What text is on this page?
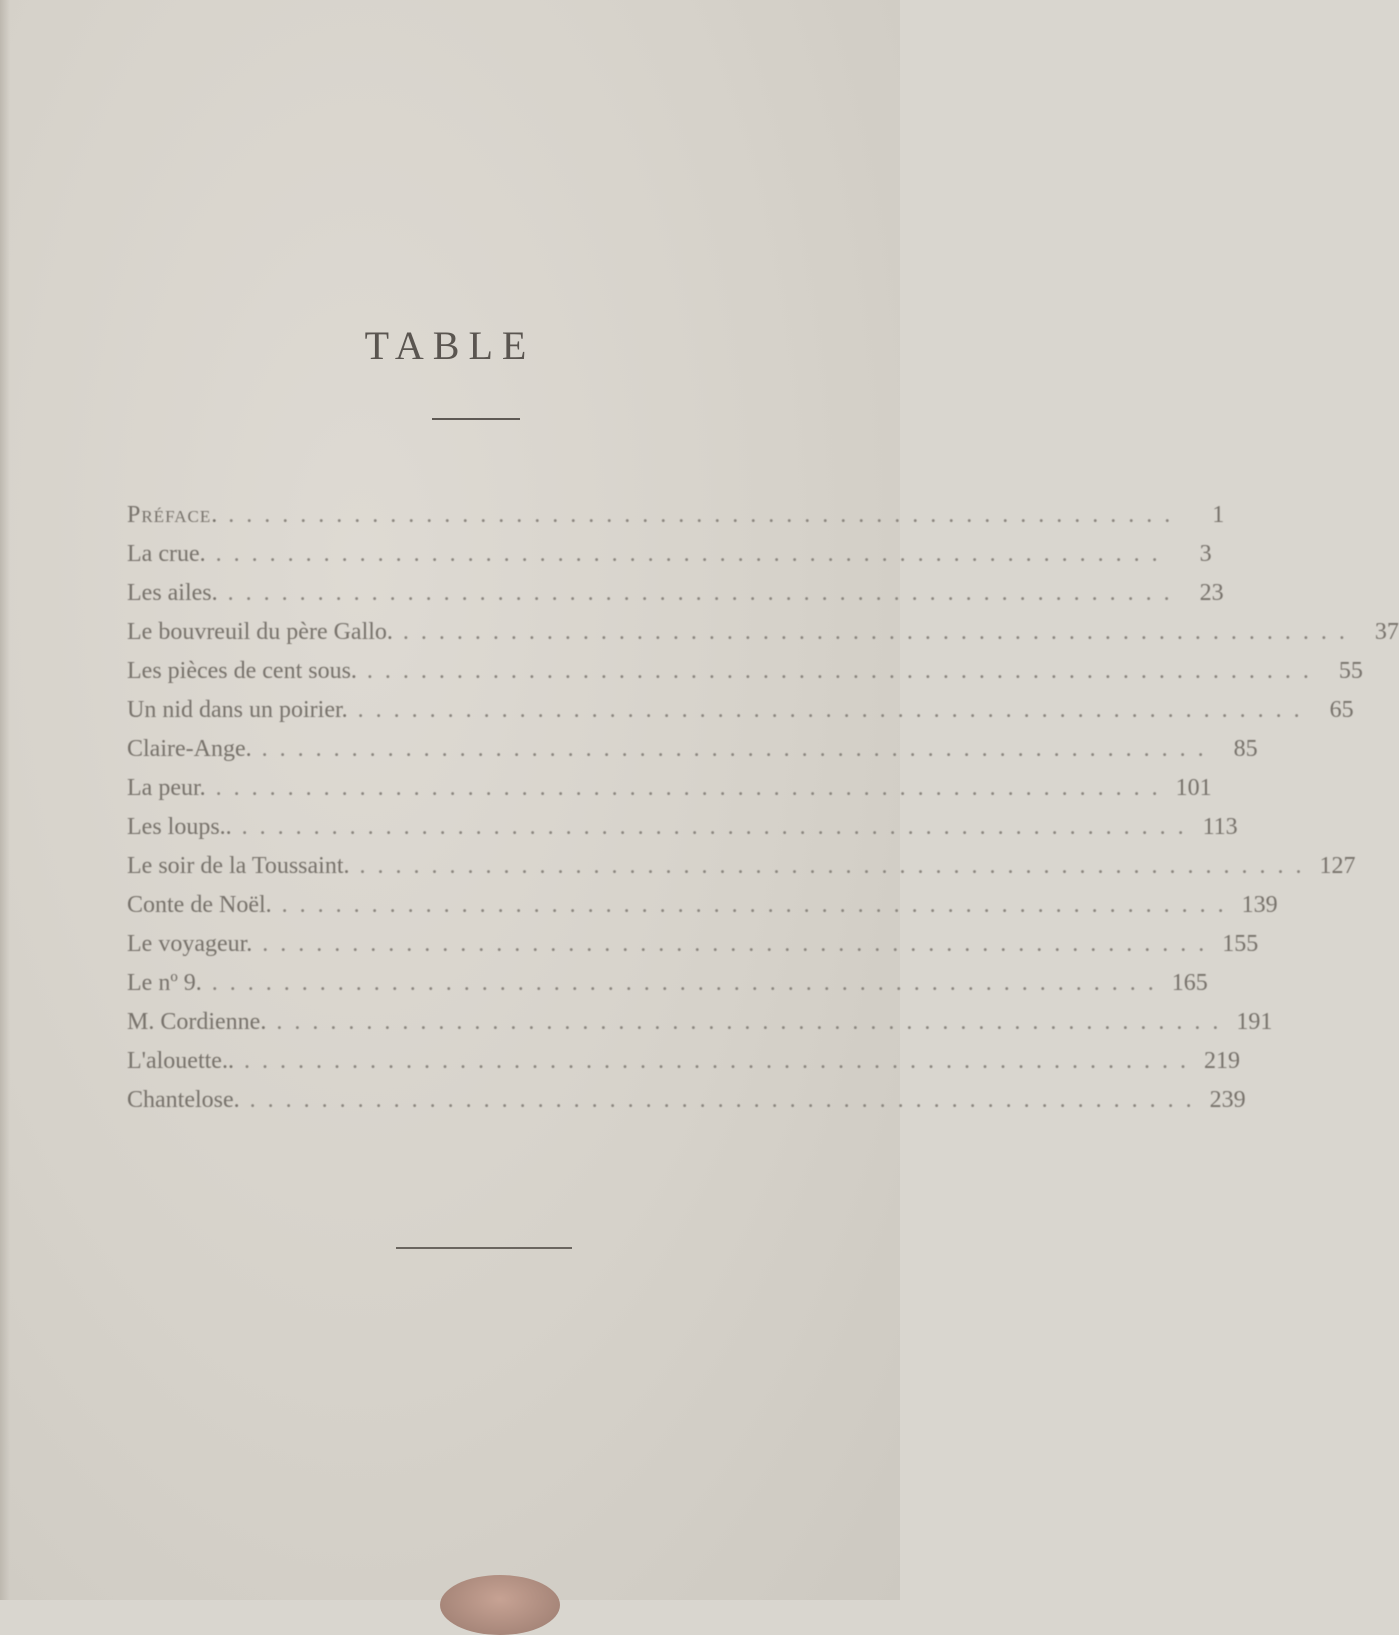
TABLE
Préface. .....................................................	1
La crue. .....................................................	3
Les ailes. ..................................................... 23
Le bouvreuil du père Gallo. ..................................................... 37
Les pièces de cent sous. ..................................................... 55
Un nid dans un poirier. ..................................................... 65
Claire-Ange. ..................................................... 85
La peur. ..................................................... 101
Les loups.. ..................................................... 113
Le soir de la Toussaint. ..................................................... 127
Conte de Noël. ..................................................... 139
Le voyageur. ..................................................... 155
Le nº 9. ..................................................... 165
M. Cordienne. ..................................................... 191
L'alouette.. ..................................................... 219
Chantelose. ..................................................... 239
